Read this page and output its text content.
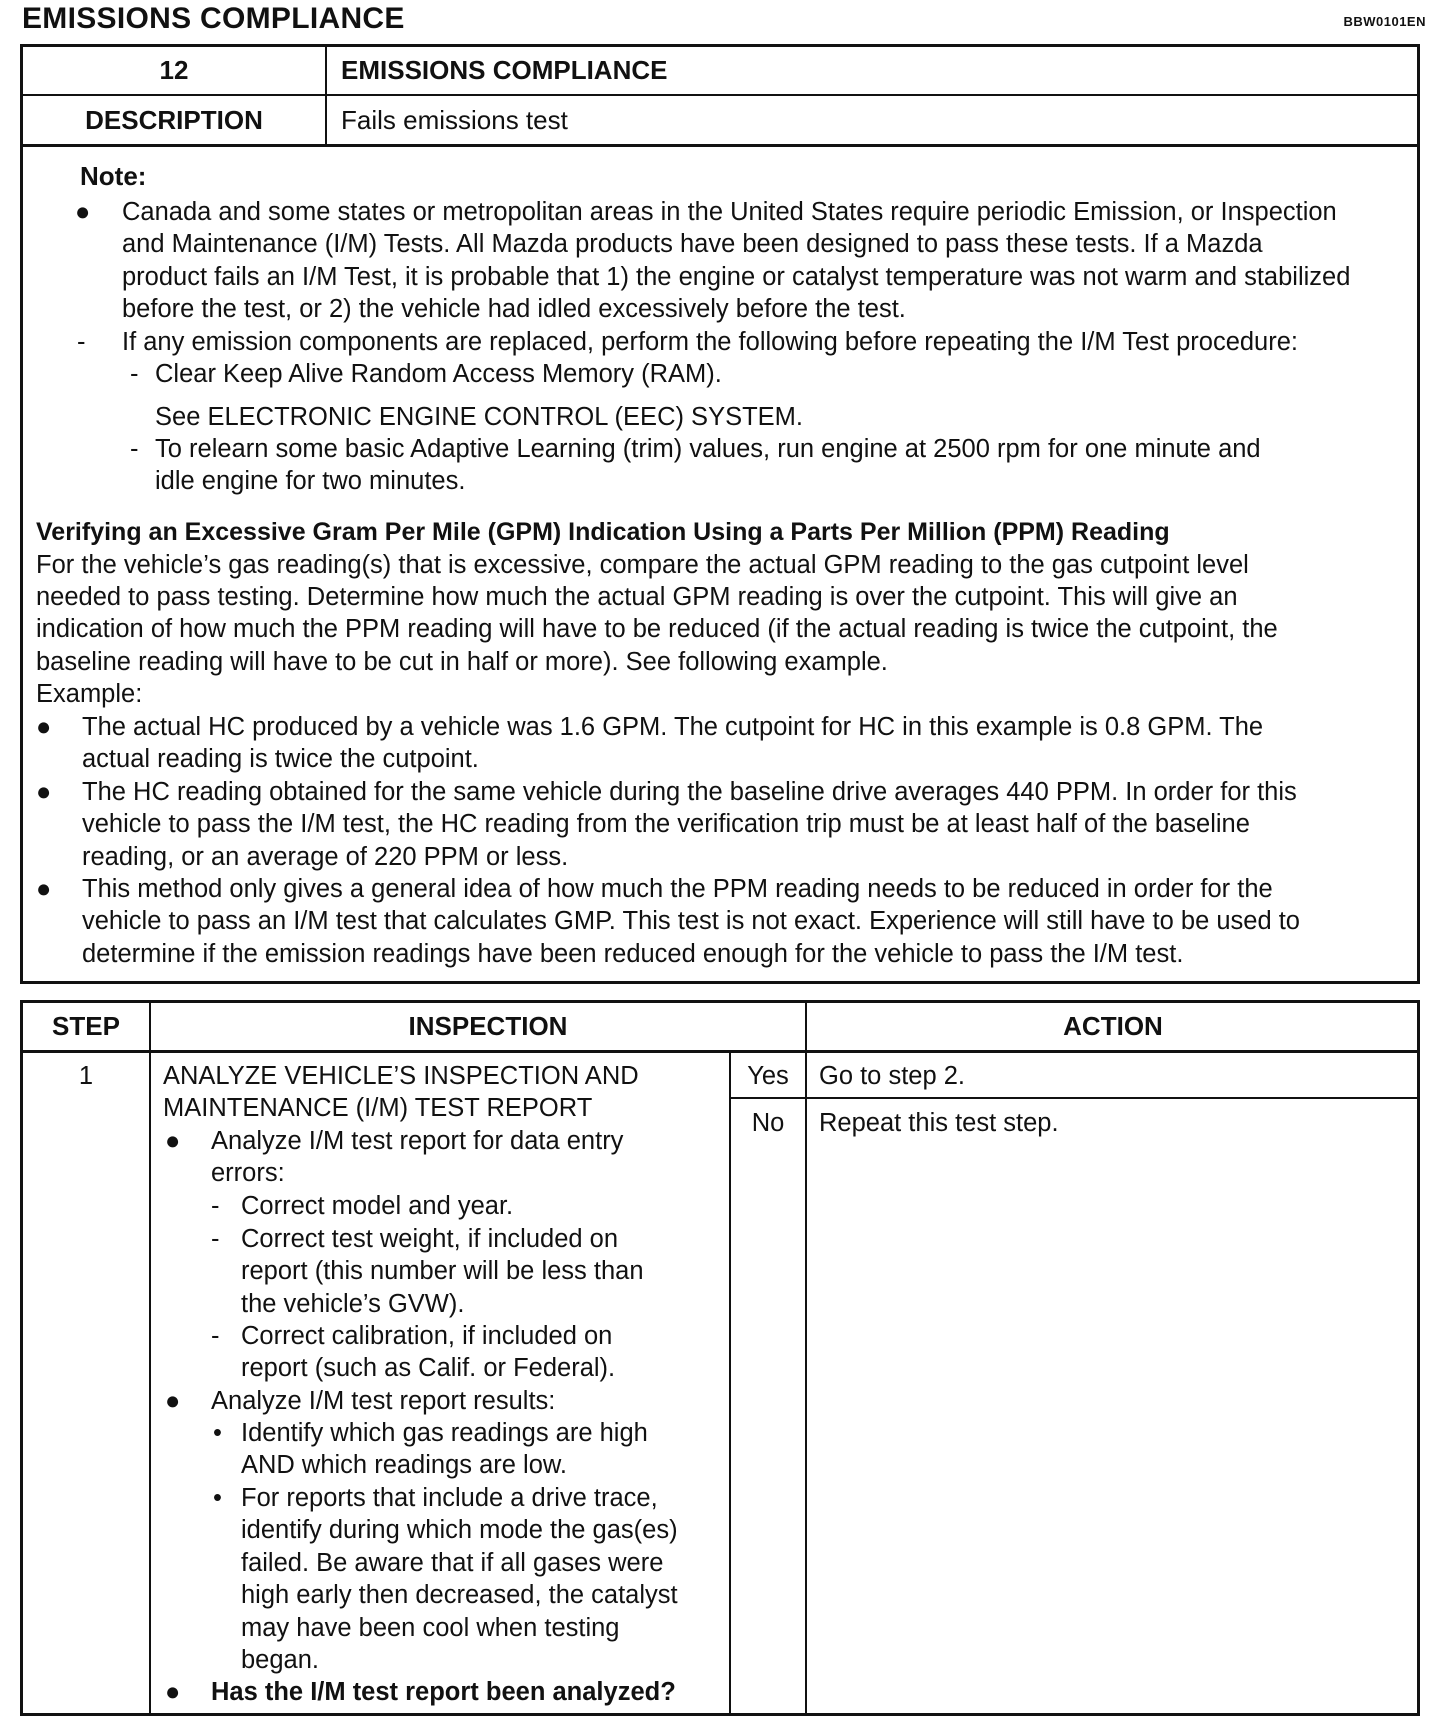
EMISSIONS COMPLIANCE	BBW0101EN
12	EMISSIONS COMPLIANCE
DESCRIPTION	Fails emissions test
Note:
● Canada and some states or metropolitan areas in the United States require periodic Emission, or Inspection
and Maintenance (I/M) Tests. All Mazda products have been designed to pass these tests. If a Mazda
product fails an I/M Test, it is probable that 1) the engine or catalyst temperature was not warm and stabilized
before the test, or 2) the vehicle had idled excessively before the test.
- If any emission components are replaced, perform the following before repeating the I/M Test procedure:
- Clear Keep Alive Random Access Memory (RAM).
See ELECTRONIC ENGINE CONTROL (EEC) SYSTEM.
- To relearn some basic Adaptive Learning (trim) values, run engine at 2500 rpm for one minute and
idle engine for two minutes.
Verifying an Excessive Gram Per Mile (GPM) Indication Using a Parts Per Million (PPM) Reading
For the vehicle’s gas reading(s) that is excessive, compare the actual GPM reading to the gas cutpoint level
needed to pass testing. Determine how much the actual GPM reading is over the cutpoint. This will give an
indication of how much the PPM reading will have to be reduced (if the actual reading is twice the cutpoint, the
baseline reading will have to be cut in half or more). See following example.
Example:
● The actual HC produced by a vehicle was 1.6 GPM. The cutpoint for HC in this example is 0.8 GPM. The
actual reading is twice the cutpoint.
● The HC reading obtained for the same vehicle during the baseline drive averages 440 PPM. In order for this
vehicle to pass the I/M test, the HC reading from the verification trip must be at least half of the baseline
reading, or an average of 220 PPM or less.
● This method only gives a general idea of how much the PPM reading needs to be reduced in order for the
vehicle to pass an I/M test that calculates GMP. This test is not exact. Experience will still have to be used to
determine if the emission readings have been reduced enough for the vehicle to pass the I/M test.
STEP	INSPECTION	ACTION
1	ANALYZE VEHICLE’S INSPECTION AND
MAINTENANCE (I/M) TEST REPORT
● Analyze I/M test report for data entry
errors:
- Correct model and year.
- Correct test weight, if included on
report (this number will be less than
the vehicle’s GVW).
- Correct calibration, if included on
report (such as Calif. or Federal).
● Analyze I/M test report results:
• Identify which gas readings are high
AND which readings are low.
• For reports that include a drive trace,
identify during which mode the gas(es)
failed. Be aware that if all gases were
high early then decreased, the catalyst
may have been cool when testing
began.
● Has the I/M test report been analyzed?
Yes	Go to step 2.
No	Repeat this test step.
